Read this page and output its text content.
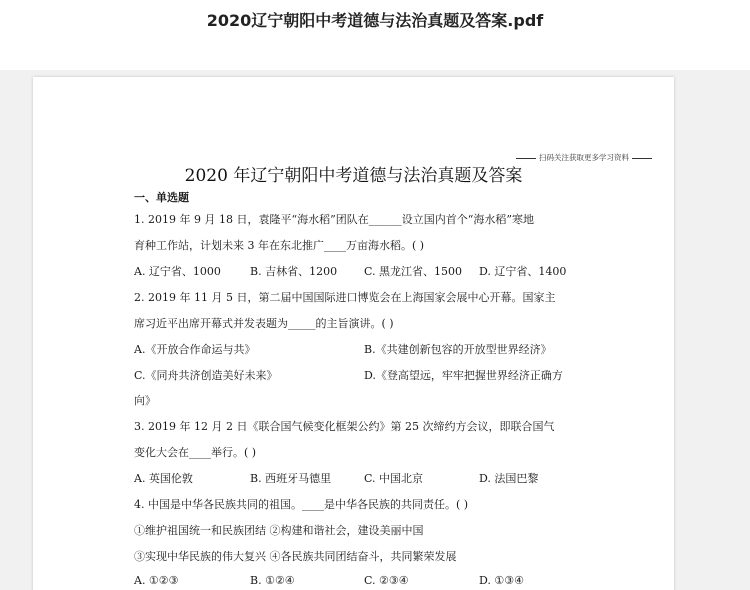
2020辽宁朝阳中考道德与法治真题及答案.pdf
扫码关注获取更多学习资料
2020 年辽宁朝阳中考道德与法治真题及答案
一、单选题
1. 2019 年 9 月 18 日，袁隆平“海水稻”团队在______设立国内首个“海水稻”寒地
育种工作站，计划未来 3 年在东北推广____万亩海水稻。( )
A. 辽宁省、1000	B. 吉林省、1200 C. 黑龙江省、1500 D. 辽宁省、1400
2. 2019 年 11 月 5 日，第二届中国国际进口博览会在上海国家会展中心开幕。国家主
席习近平出席开幕式并发表题为_____的主旨演讲。( )
A.《开放合作命运与共》	B.《共建创新包容的开放型世界经济》
C.《同舟共济创造美好未来》	D.《登高望远，牢牢把握世界经济正确方
向》
3. 2019 年 12 月 2 日《联合国气候变化框架公约》第 25 次缔约方会议，即联合国气
变化大会在____举行。( )
A. 英国伦敦	B. 西班牙马德里	C. 中国北京	D. 法国巴黎
4. 中国是中华各民族共同的祖国。____是中华各民族的共同责任。( )
①维护祖国统一和民族团结 ②构建和谐社会，建设美丽中国
③实现中华民族的伟大复兴 ④各民族共同团结奋斗，共同繁荣发展
A. ①②③	B. ①②④	C. ②③④	D. ①③④
